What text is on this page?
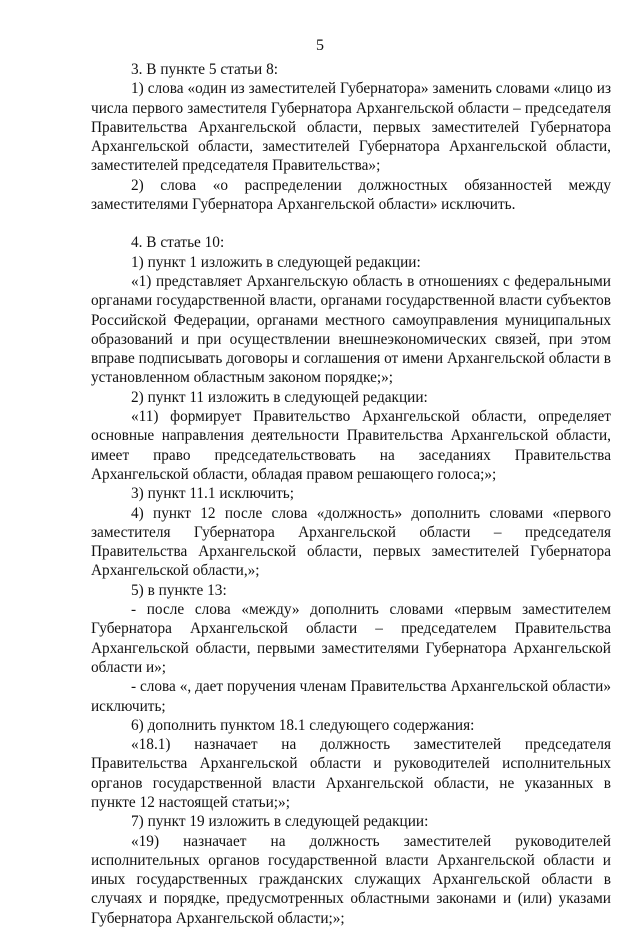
5

3. В пункте 5 статьи 8:

1) слова «один из заместителей Губернатора» заменить словами «лицо из числа первого заместителя Губернатора Архангельской области – председателя Правительства Архангельской области, первых заместителей Губернатора Архангельской области, заместителей Губернатора Архангельской области, заместителей председателя Правительства»;

2) слова «о распределении должностных обязанностей между заместителями Губернатора Архангельской области» исключить.

4. В статье 10:

1) пункт 1 изложить в следующей редакции:

«1) представляет Архангельскую область в отношениях с федеральными органами государственной власти, органами государственной власти субъектов Российской Федерации, органами местного самоуправления муниципальных образований и при осуществлении внешнеэкономических связей, при этом вправе подписывать договоры и соглашения от имени Архангельской области в установленном областным законом порядке;»;

2) пункт 11 изложить в следующей редакции:

«11) формирует Правительство Архангельской области, определяет основные направления деятельности Правительства Архангельской области, имеет право председательствовать на заседаниях Правительства Архангельской области, обладая правом решающего голоса;»;

3) пункт 11.1 исключить;

4) пункт 12 после слова «должность» дополнить словами «первого заместителя Губернатора Архангельской области – председателя Правительства Архангельской области, первых заместителей Губернатора Архангельской области,»;

5) в пункте 13:

- после слова «между» дополнить словами «первым заместителем Губернатора Архангельской области – председателем Правительства Архангельской области, первыми заместителями Губернатора Архангельской области и»;

- слова «, дает поручения членам Правительства Архангельской области» исключить;

6) дополнить пунктом 18.1 следующего содержания:

«18.1) назначает на должность заместителей председателя Правительства Архангельской области и руководителей исполнительных органов государственной власти Архангельской области, не указанных в пункте 12 настоящей статьи;»;

7) пункт 19 изложить в следующей редакции:

«19) назначает на должность заместителей руководителей исполнительных органов государственной власти Архангельской области и иных государственных гражданских служащих Архангельской области в случаях и порядке, предусмотренных областными законами и (или) указами Губернатора Архангельской области;»;
